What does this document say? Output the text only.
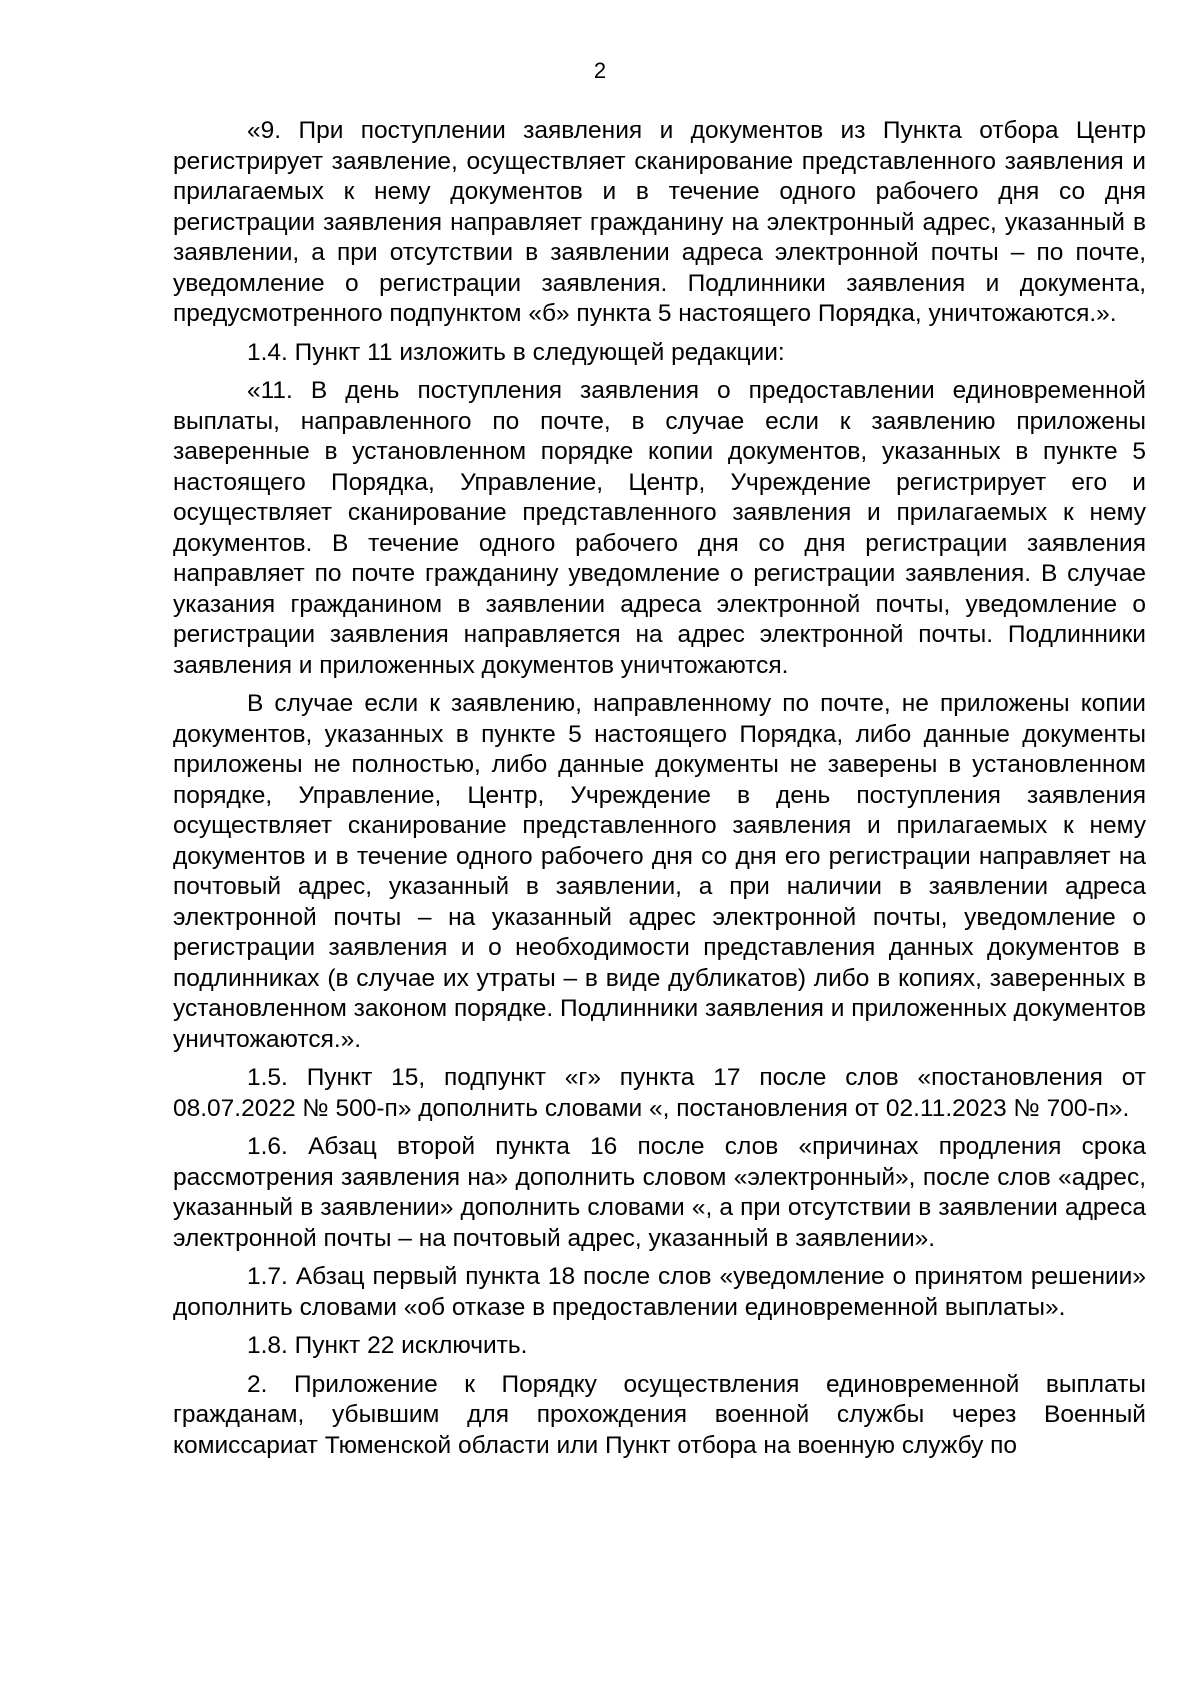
2

«9. При поступлении заявления и документов из Пункта отбора Центр регистрирует заявление, осуществляет сканирование представленного заявления и прилагаемых к нему документов и в течение одного рабочего дня со дня регистрации заявления направляет гражданину на электронный адрес, указанный в заявлении, а при отсутствии в заявлении адреса электронной почты – по почте, уведомление о регистрации заявления. Подлинники заявления и документа, предусмотренного подпунктом «б» пункта 5 настоящего Порядка, уничтожаются.».

1.4. Пункт 11 изложить в следующей редакции:

«11. В день поступления заявления о предоставлении единовременной выплаты, направленного по почте, в случае если к заявлению приложены заверенные в установленном порядке копии документов, указанных в пункте 5 настоящего Порядка, Управление, Центр, Учреждение регистрирует его и осуществляет сканирование представленного заявления и прилагаемых к нему документов. В течение одного рабочего дня со дня регистрации заявления направляет по почте гражданину уведомление о регистрации заявления. В случае указания гражданином в заявлении адреса электронной почты, уведомление о регистрации заявления направляется на адрес электронной почты. Подлинники заявления и приложенных документов уничтожаются.

В случае если к заявлению, направленному по почте, не приложены копии документов, указанных в пункте 5 настоящего Порядка, либо данные документы приложены не полностью, либо данные документы не заверены в установленном порядке, Управление, Центр, Учреждение в день поступления заявления осуществляет сканирование представленного заявления и прилагаемых к нему документов и в течение одного рабочего дня со дня его регистрации направляет на почтовый адрес, указанный в заявлении, а при наличии в заявлении адреса электронной почты – на указанный адрес электронной почты, уведомление о регистрации заявления и о необходимости представления данных документов в подлинниках (в случае их утраты – в виде дубликатов) либо в копиях, заверенных в установленном законом порядке. Подлинники заявления и приложенных документов уничтожаются.».

1.5. Пункт 15, подпункт «г» пункта 17 после слов «постановления от 08.07.2022 № 500-п» дополнить словами «, постановления от 02.11.2023 № 700-п».

1.6. Абзац второй пункта 16 после слов «причинах продления срока рассмотрения заявления на» дополнить словом «электронный», после слов «адрес, указанный в заявлении» дополнить словами «, а при отсутствии в заявлении адреса электронной почты – на почтовый адрес, указанный в заявлении».

1.7. Абзац первый пункта 18 после слов «уведомление о принятом решении» дополнить словами «об отказе в предоставлении единовременной выплаты».

1.8. Пункт 22 исключить.

2. Приложение к Порядку осуществления единовременной выплаты гражданам, убывшим для прохождения военной службы через Военный комиссариат Тюменской области или Пункт отбора на военную службу по
